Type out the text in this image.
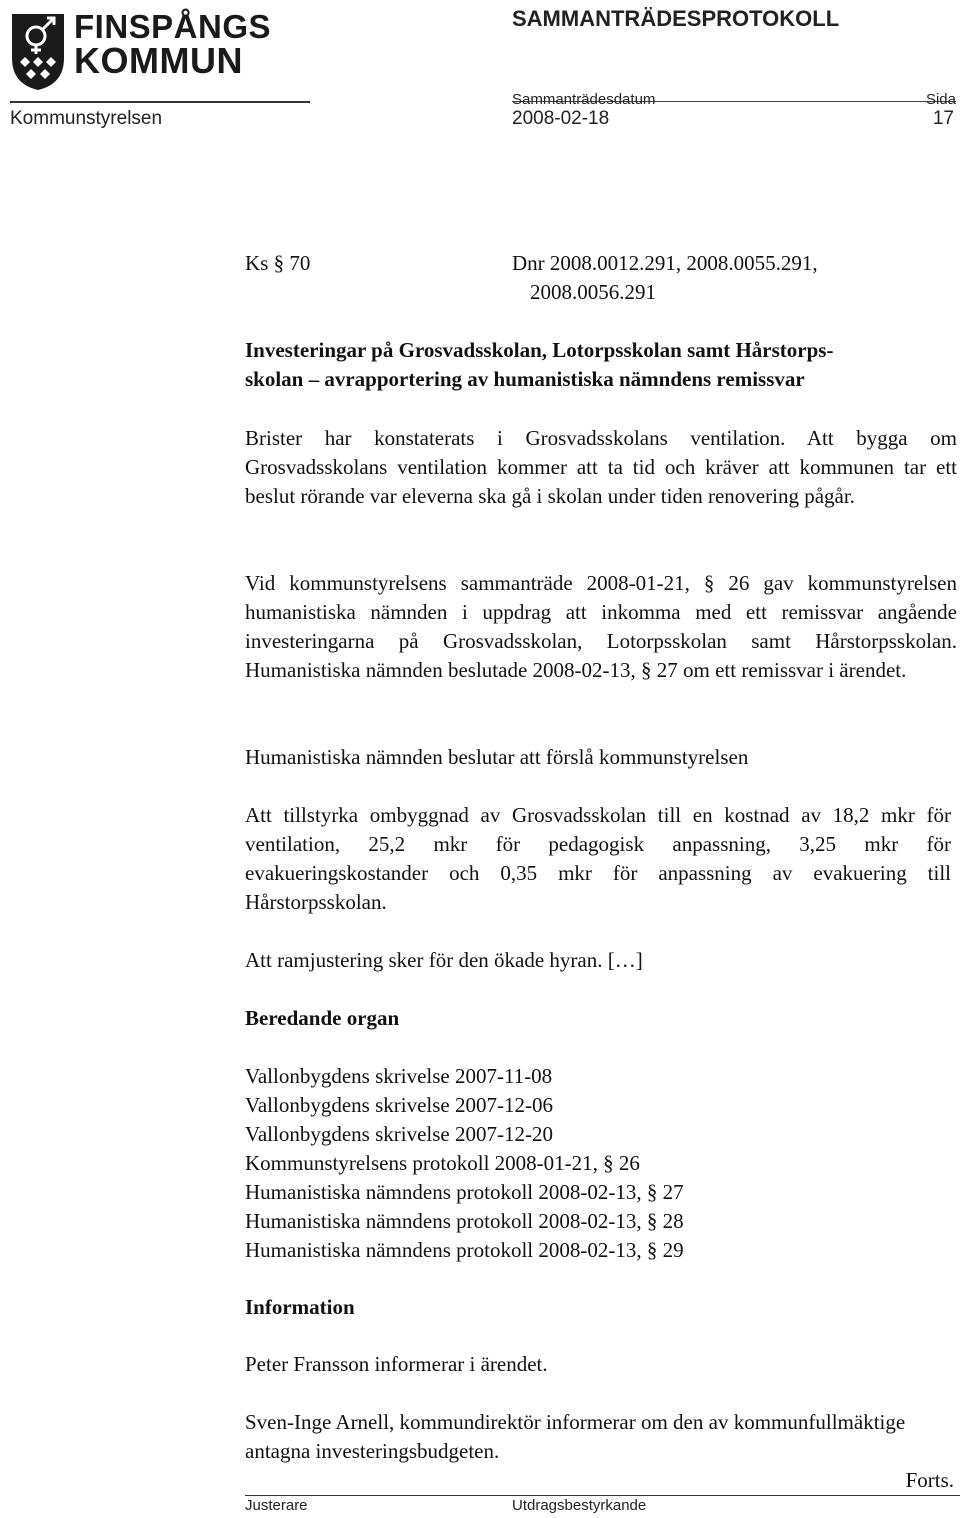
FINSPÅNGS
KOMMUN
SAMMANTRÄDESPROTOKOLL
Sammanträdesdatum	Sida
Kommunstyrelsen	2008-02-18	17
Ks § 70	Dnr 2008.0012.291, 2008.0055.291,
2008.0056.291
Investeringar på Grosvadsskolan, Lotorpsskolan samt Hårstorps-
skolan – avrapportering av humanistiska nämndens remissvar

Brister har konstaterats i Grosvadsskolans ventilation. Att bygga om Grosvadsskolans ventilation kommer att ta tid och kräver att kommunen tar ett beslut rörande var eleverna ska gå i skolan under tiden renovering pågår.

Vid kommunstyrelsens sammanträde 2008-01-21, § 26 gav kommunstyrelsen humanistiska nämnden i uppdrag att inkomma med ett remissvar angående investeringarna på Grosvadsskolan, Lotorpsskolan samt Hårstorpsskolan. Humanistiska nämnden beslutade 2008-02-13, § 27 om ett remissvar i ärendet.

Humanistiska nämnden beslutar att förslå kommunstyrelsen

Att tillstyrka ombyggnad av Grosvadsskolan till en kostnad av 18,2 mkr för ventilation, 25,2 mkr för pedagogisk anpassning, 3,25 mkr för evakueringskostander och 0,35 mkr för anpassning av evakuering till Hårstorpsskolan.

Att ramjustering sker för den ökade hyran. […]

Beredande organ
Vallonbygdens skrivelse 2007-11-08
Vallonbygdens skrivelse 2007-12-06
Vallonbygdens skrivelse 2007-12-20
Kommunstyrelsens protokoll 2008-01-21, § 26
Humanistiska nämndens protokoll 2008-02-13, § 27
Humanistiska nämndens protokoll 2008-02-13, § 28
Humanistiska nämndens protokoll 2008-02-13, § 29
Information

Peter Fransson informerar i ärendet.

Sven-Inge Arnell, kommundirektör informerar om den av kommunfullmäktige antagna investeringsbudgeten.

Forts.
Justerare	Utdragsbestyrkande
